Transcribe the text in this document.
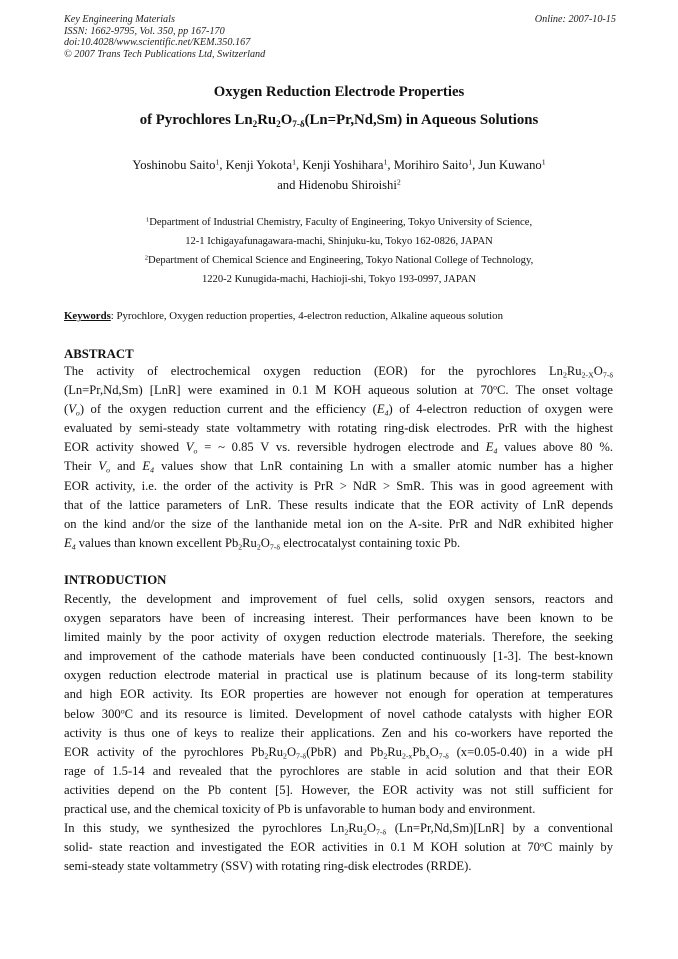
Key Engineering Materials
ISSN: 1662-9795, Vol. 350, pp 167-170
doi:10.4028/www.scientific.net/KEM.350.167
© 2007 Trans Tech Publications Ltd, Switzerland
Online: 2007-10-15
Oxygen Reduction Electrode Properties
of Pyrochlores $Ln_2Ru_2O_{7-\delta}(Ln=Pr,Nd,Sm)$ in Aqueous Solutions
Yoshinobu Saito$^1$, Kenji Yokota$^1$, Kenji Yoshihara$^1$, Morihiro Saito$^1$, Jun Kuwano$^1$
and Hidenobu Shiroishi$^2$
$^1$Department of Industrial Chemistry, Faculty of Engineering, Tokyo University of Science,
12-1 Ichigayafunagawara-machi, Shinjuku-ku, Tokyo 162-0826, JAPAN
$^2$Department of Chemical Science and Engineering, Tokyo National College of Technology,
1220-2 Kunugida-machi, Hachioji-shi, Tokyo 193-0997, JAPAN
Keywords: Pyrochlore, Oxygen reduction properties, 4-electron reduction, Alkaline aqueous solution
ABSTRACT
The activity of electrochemical oxygen reduction (EOR) for the pyrochlores $Ln_2Ru_{2-X}O_{7-\delta}$
(Ln=Pr,Nd,Sm) [LnR] were examined in 0.1 M KOH aqueous solution at 70$^o$C. The onset voltage
$(V_o)$ of the oxygen reduction current and the efficiency $(E_4)$ of 4-electron reduction of oxygen were
evaluated by semi-steady state voltammetry with rotating ring-disk electrodes. PrR with the highest
EOR activity showed $V_o$ = ~ 0.85 V vs. reversible hydrogen electrode and $E_4$ values above 80 %.
Their $V_o$ and $E_4$ values show that LnR containing Ln with a smaller atomic number has a higher
EOR activity, i.e. the order of the activity is PrR > NdR > SmR. This was in good agreement with
that of the lattice parameters of LnR. These results indicate that the EOR activity of LnR depends
on the kind and/or the size of the lanthanide metal ion on the A-site. PrR and NdR exhibited higher
$E_4$ values than known excellent $Pb_2Ru_2O_{7-\delta}$ electrocatalyst containing toxic Pb.
INTRODUCTION
Recently, the development and improvement of fuel cells, solid oxygen sensors, reactors and
oxygen separators have been of increasing interest. Their performances have been known to be
limited mainly by the poor activity of oxygen reduction electrode materials. Therefore, the seeking
and improvement of the cathode materials have been conducted continuously [1-3]. The best-known
oxygen reduction electrode material in practical use is platinum because of its long-term stability
and high EOR activity. Its EOR properties are however not enough for operation at temperatures
below 300$^o$C and its resource is limited. Development of novel cathode catalysts with higher EOR
activity is thus one of keys to realize their applications. Zen and his co-workers have reported the
EOR activity of the pyrochlores $Pb_2Ru_2O_{7-\delta}(PbR)$ and $Pb_2Ru_{2-x}Pb_xO_{7-\delta}$ (x=0.05-0.40) in a wide pH
rage of 1.5-14 and revealed that the pyrochlores are stable in acid solution and that their EOR
activities depend on the Pb content [5]. However, the EOR activity was not still sufficient for
practical use, and the chemical toxicity of Pb is unfavorable to human body and environment.
In this study, we synthesized the pyrochlores $Ln_2Ru_2O_{7-\delta}$ (Ln=Pr,Nd,Sm)[LnR] by a conventional
solid- state reaction and investigated the EOR activities in 0.1 M KOH solution at 70$^o$C mainly by
semi-steady state voltammetry (SSV) with rotating ring-disk electrodes (RRDE).
